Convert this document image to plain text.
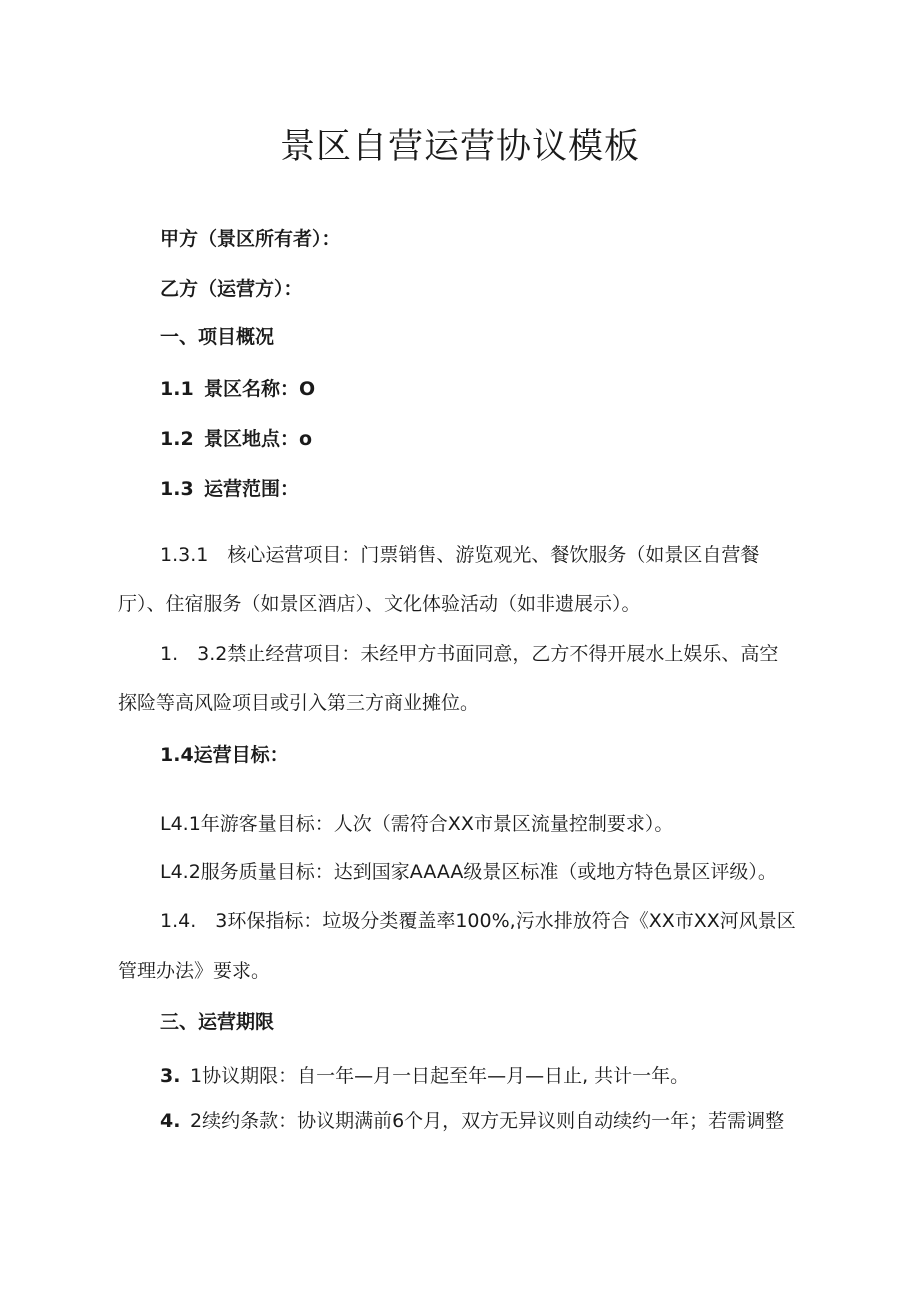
景区自营运营协议模板
甲方（景区所有者）：
乙方（运营方）：
一、项目概况
1.1 景区名称：O
1.2 景区地点：o
1.3 运营范围：
1.3.1　核心运营项目：门票销售、游览观光、餐饮服务（如景区自营餐
厅）、住宿服务（如景区酒店）、文化体验活动（如非遗展示）。
1.　3.2禁止经营项目：未经甲方书面同意，乙方不得开展水上娱乐、高空
探险等高风险项目或引入第三方商业摊位。
1.4运营目标：
L4.1年游客量目标：人次（需符合XX市景区流量控制要求）。
L4.2服务质量目标：达到国家AAAA级景区标准（或地方特色景区评级）。
1.4.　3环保指标：垃圾分类覆盖率100%,污水排放符合《XX市XX河风景区
管理办法》要求。
三、运营期限
3. 1协议期限：自一年—月一日起至年—月—日止, 共计一年。
4. 2续约条款：协议期满前6个月，双方无异议则自动续约一年；若需调整
